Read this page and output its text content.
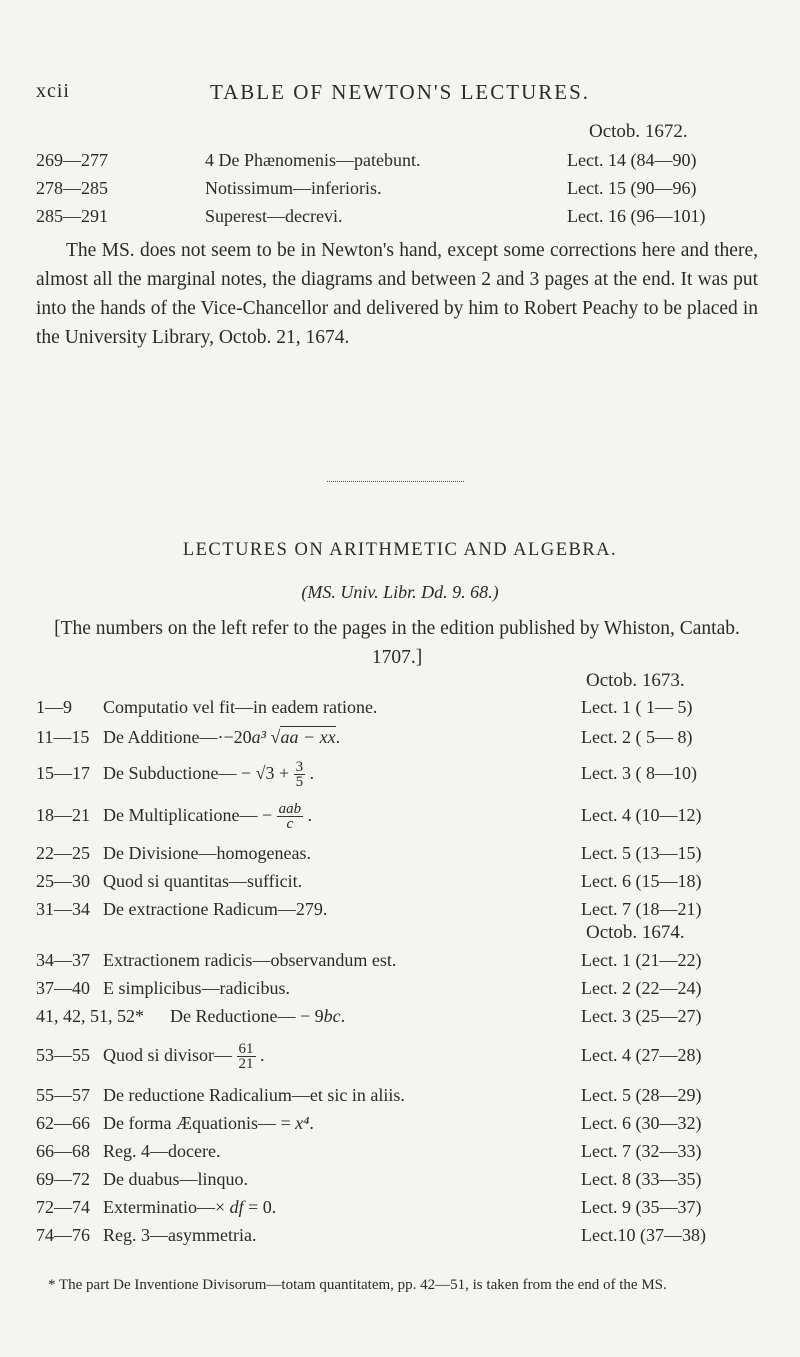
xcii	TABLE OF NEWTON'S LECTURES.
Octob. 1672.
269—277	4 De Phænomenis—patebunt.	Lect. 14 (84—90)
278—285	Notissimum—inferioris.	Lect. 15 (90—96)
285—291	Superest—decrevi.	Lect. 16 (96—101)
The MS. does not seem to be in Newton's hand, except some corrections here and there, almost all the marginal notes, the diagrams and between 2 and 3 pages at the end. It was put into the hands of the Vice-Chancellor and delivered by him to Robert Peachy to be placed in the University Library, Octob. 21, 1674.
LECTURES ON ARITHMETIC AND ALGEBRA.
(MS. Univ. Libr. Dd. 9. 68.)
[The numbers on the left refer to the pages in the edition published by Whiston, Cantab. 1707.]
Octob. 1673.
1—9	Computatio vel fit—in eadem ratione.	Lect. 1 ( 1— 5)
11—15 De Additione—·−20a³ √aa − xx.	Lect. 2 ( 5— 8)
15—17 De Subductione— − $√3 + \frac{3}{5}$ .	Lect. 3 ( 8—10)
18—21 De Multiplicatione— − $\frac{\text{aab}}{c}$ .	Lect. 4 (10—12)
22—25 De Divisione—homogeneas.	Lect. 5 (13—15)
25—30 Quod si quantitas—sufficit.	Lect. 6 (15—18)
31—34 De extractione Radicum—279.	Lect. 7 (18—21)
Octob. 1674.
34—37 Extractionem radicis—observandum est.	Lect. 1 (21—22)
37—40 E simplicibus—radicibus.	Lect. 2 (22—24)
41, 42, 51, 52*	De Reductione— − 9bc.	Lect. 3 (25—27)
53—55 Quod si divisor— $\frac{61}{21}$ .	Lect. 4 (27—28)
55—57 De reductione Radicalium—et sic in aliis.	Lect. 5 (28—29)
62—66 De forma Æquationis— = x⁴.	Lect. 6 (30—32)
66—68 Reg. 4—docere.	Lect. 7 (32—33)
69—72 De duabus—linquo.	Lect. 8 (33—35)
72—74 Exterminatio—× df = 0.	Lect. 9 (35—37)
74—76 Reg. 3—asymmetria.	Lect.10 (37—38)
* The part De Inventione Divisorum—totam quantitatem, pp. 42—51, is taken from the end of the MS.
